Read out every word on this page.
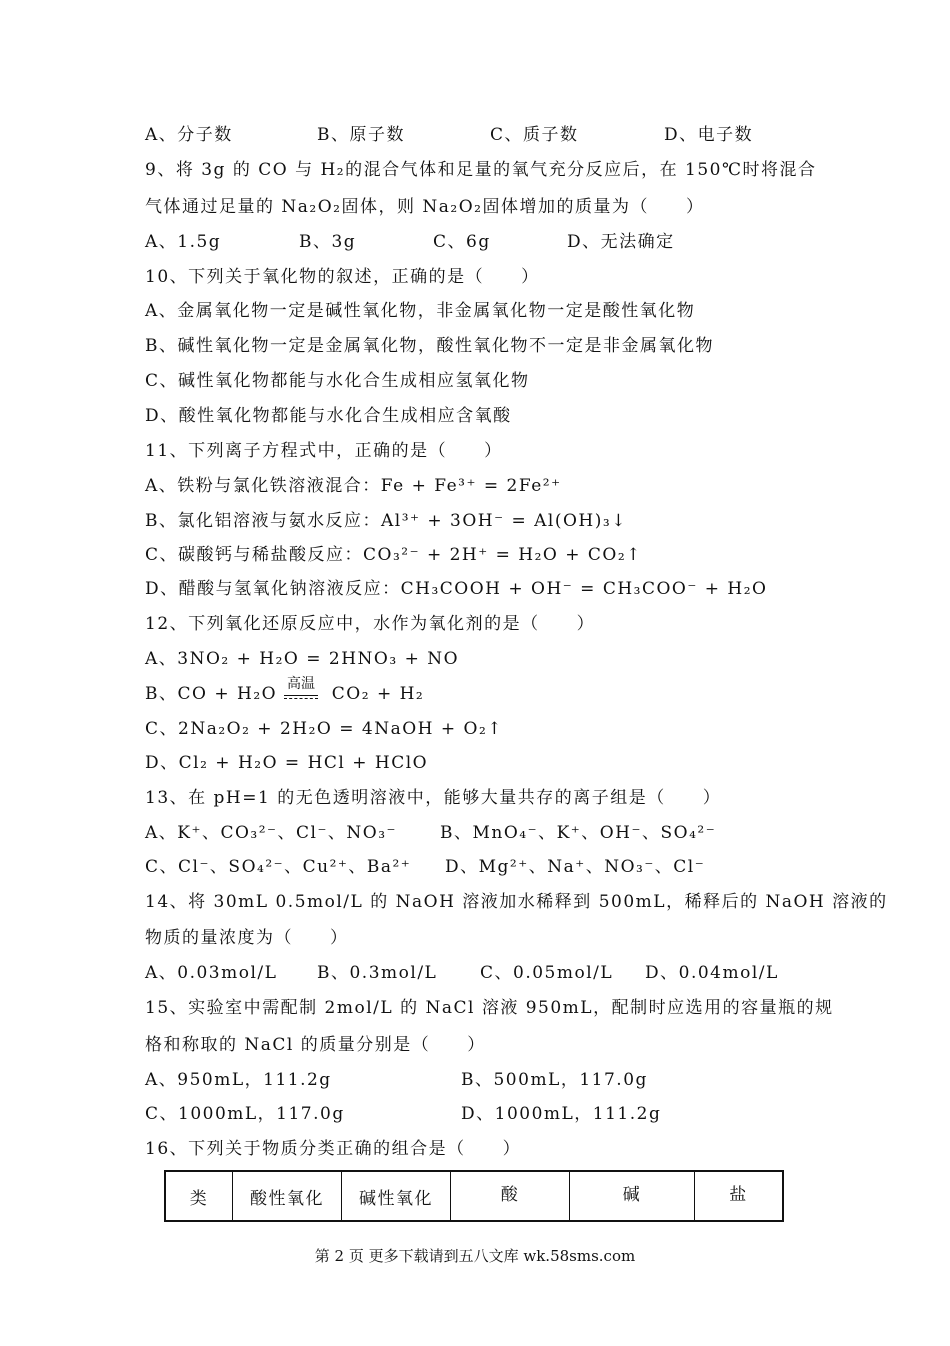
A、分子数	B、原子数	C、质子数	D、电子数
9、将 3g 的 CO 与 H₂的混合气体和足量的氧气充分反应后，在 150℃时将混合
气体通过足量的 Na₂O₂固体，则 Na₂O₂固体增加的质量为（　　）
A、1.5g	B、3g	C、6g	D、无法确定
10、下列关于氧化物的叙述，正确的是（　　）
A、金属氧化物一定是碱性氧化物，非金属氧化物一定是酸性氧化物
B、碱性氧化物一定是金属氧化物，酸性氧化物不一定是非金属氧化物
C、碱性氧化物都能与水化合生成相应氢氧化物
D、酸性氧化物都能与水化合生成相应含氧酸
11、下列离子方程式中，正确的是（　　）
A、铁粉与氯化铁溶液混合：Fe + Fe³⁺ = 2Fe²⁺
B、氯化铝溶液与氨水反应：Al³⁺ + 3OH⁻ = Al(OH)₃↓
C、碳酸钙与稀盐酸反应：CO₃²⁻ + 2H⁺ = H₂O + CO₂↑
D、醋酸与氢氧化钠溶液反应：CH₃COOH + OH⁻ = CH₃COO⁻ + H₂O
12、下列氧化还原反应中，水作为氧化剂的是（　　）
A、3NO₂ + H₂O = 2HNO₃ + NO
B、CO + H₂O 高温 CO₂ + H₂
C、2Na₂O₂ + 2H₂O = 4NaOH + O₂↑
D、Cl₂ + H₂O = HCl + HClO
13、在 pH=1 的无色透明溶液中，能够大量共存的离子组是（　　）
A、K⁺、CO₃²⁻、Cl⁻、NO₃⁻	B、MnO₄⁻、K⁺、OH⁻、SO₄²⁻
C、Cl⁻、SO₄²⁻、Cu²⁺、Ba²⁺ D、Mg²⁺、Na⁺、NO₃⁻、Cl⁻
14、将 30mL 0.5mol/L 的 NaOH 溶液加水稀释到 500mL，稀释后的 NaOH 溶液的
物质的量浓度为（　　）
A、0.03mol/L B、0.3mol/L	C、0.05mol/L D、0.04mol/L
15、实验室中需配制 2mol/L 的 NaCl 溶液 950mL，配制时应选用的容量瓶的规
格和称取的 NaCl 的质量分别是（　　）
A、950mL，111.2g	B、500mL，117.0g
C、1000mL，117.0g	D、1000mL，111.2g
16、下列关于物质分类正确的组合是（　　）
类	酸性氧化	碱性氧化	酸	碱	盐
第 2 页 更多下载请到五八文库 wk.58sms.com
